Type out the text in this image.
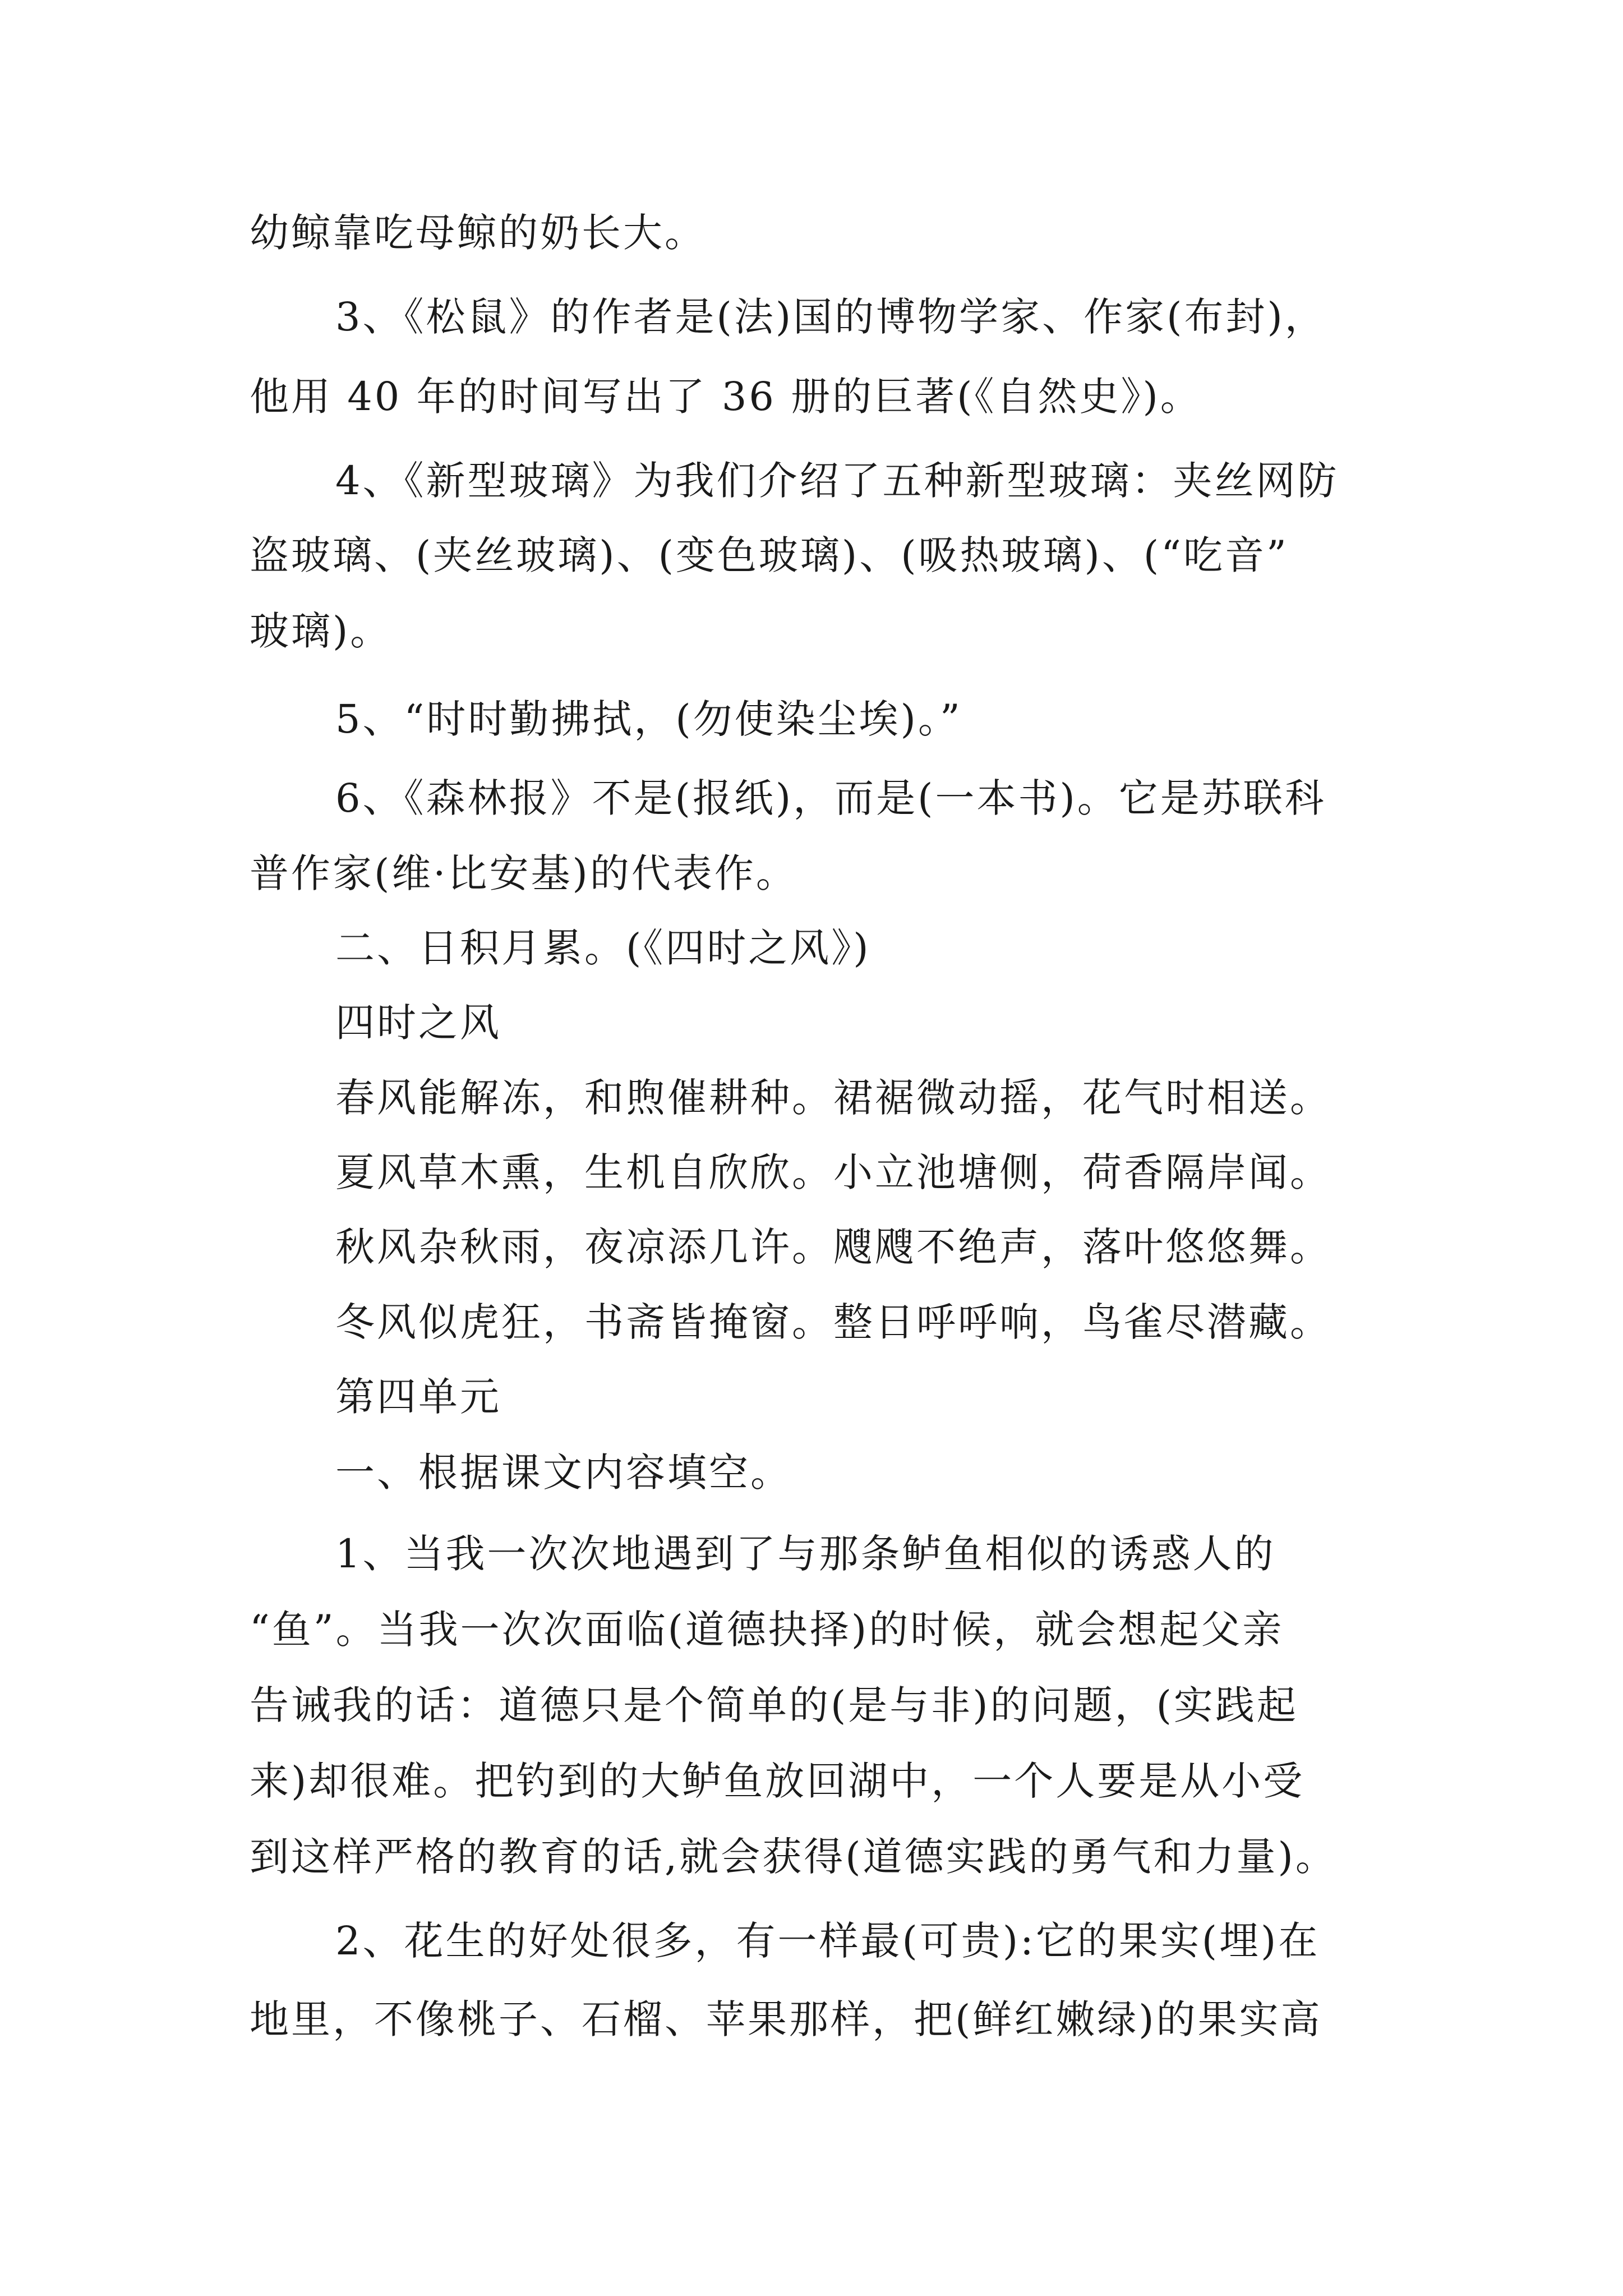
幼鲸靠吃母鲸的奶长大。
3、《松鼠》的作者是(法)国的博物学家、作家(布封)，
他用 40 年的时间写出了 36 册的巨著(《自然史》)。
4、《新型玻璃》为我们介绍了五种新型玻璃：夹丝网防
盗玻璃、(夹丝玻璃)、(变色玻璃)、(吸热玻璃)、(“吃音”
玻璃)。
5、“时时勤拂拭，(勿使染尘埃)。”
6、《森林报》不是(报纸)，而是(一本书)。它是苏联科
普作家(维·比安基)的代表作。
二、日积月累。(《四时之风》)
四时之风
春风能解冻，和煦催耕种。裙裾微动摇，花气时相送。
夏风草木熏，生机自欣欣。小立池塘侧，荷香隔岸闻。
秋风杂秋雨，夜凉添几许。飕飕不绝声，落叶悠悠舞。
冬风似虎狂，书斋皆掩窗。整日呼呼响，鸟雀尽潜藏。
第四单元
一、根据课文内容填空。
1、当我一次次地遇到了与那条鲈鱼相似的诱惑人的
“鱼”。当我一次次面临(道德抉择)的时候，就会想起父亲
告诫我的话：道德只是个简单的(是与非)的问题，(实践起
来)却很难。把钓到的大鲈鱼放回湖中，一个人要是从小受
到这样严格的教育的话,就会获得(道德实践的勇气和力量)。
2、花生的好处很多，有一样最(可贵):它的果实(埋)在
地里，不像桃子、石榴、苹果那样，把(鲜红嫩绿)的果实高
